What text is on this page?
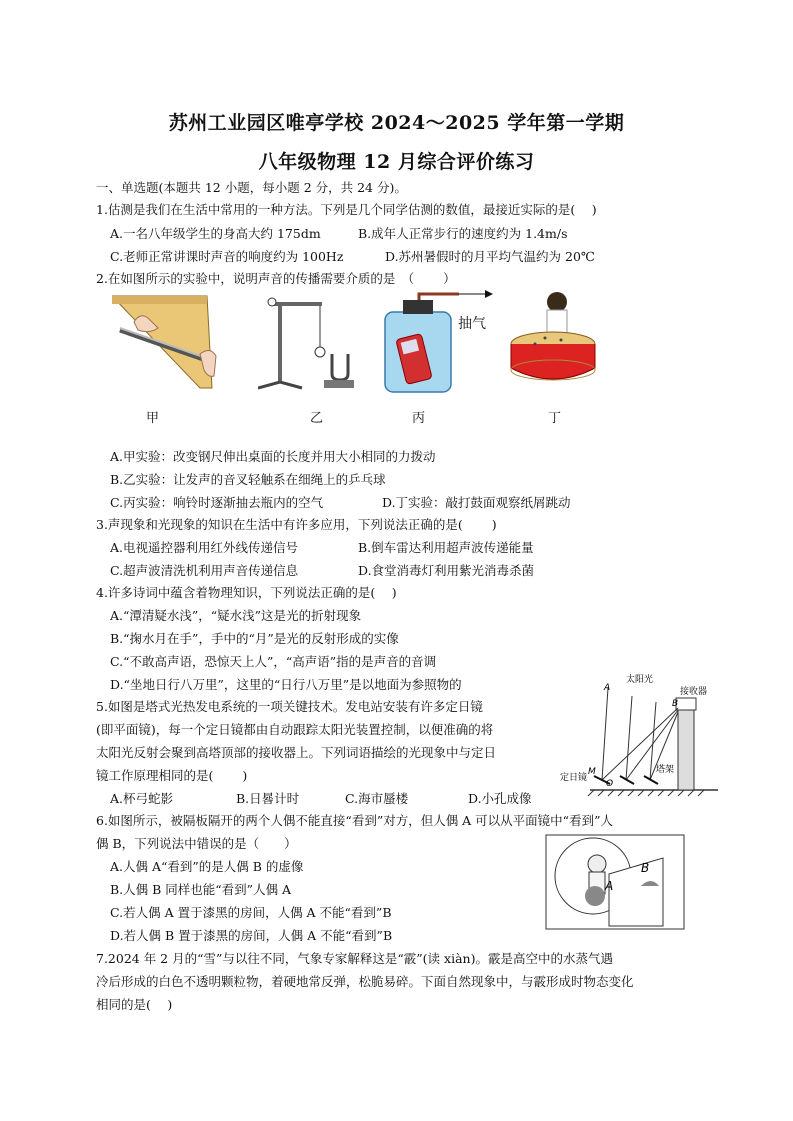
苏州工业园区唯亭学校 2024～2025 学年第一学期
八年级物理 12 月综合评价练习
一、单选题(本题共 12 小题，每小题 2 分，共 24 分)。
1.估测是我们在生活中常用的一种方法。下列是几个同学估测的数值，最接近实际的是(　 )
A.一名八年级学生的身高大约 175dm	B.成年人正常步行的速度约为 1.4m/s
C.老师正常讲课时声音的响度约为 100Hz	D.苏州暑假时的月平均气温约为 20℃
2.在如图所示的实验中，说明声音的传播需要介质的是　（　　 ）
甲	乙
抽气
丙	丁
A.甲实验：改变钢尺伸出桌面的长度并用大小相同的力拨动
B.乙实验：让发声的音叉轻触系在细绳上的乒乓球
C.丙实验：响铃时逐渐抽去瓶内的空气	D.丁实验：敲打鼓面观察纸屑跳动
3.声现象和光现象的知识在生活中有许多应用，下列说法正确的是(　　 )
A.电视遥控器利用红外线传递信号	B.倒车雷达利用超声波传递能量
C.超声波清洗机利用声音传递信息	D.食堂消毒灯利用紫光消毒杀菌
4.许多诗词中蕴含着物理知识，下列说法正确的是(　 )
A.“潭清疑水浅”，“疑水浅”这是光的折射现象
B.“掬水月在手”，手中的“月”是光的反射形成的实像
C.“不敢高声语，恐惊天上人”，“高声语”指的是声音的音调
D.“坐地日行八万里”，这里的“日行八万里”是以地面为参照物的
5.如图是塔式光热发电系统的一项关键技术。发电站安装有许多定日镜
(即平面镜)，每一个定日镜都由自动跟踪太阳光装置控制，以便准确的将
太阳光反射会聚到高塔顶部的接收器上。下列词语描绘的光现象中与定日
镜工作原理相同的是(　　 )
A.杯弓蛇影	B.日晷计时	C.海市蜃楼	D.小孔成像
A
太阳光
接收器
B
塔架
定日镜
M
O
6.如图所示，被隔板隔开的两个人偶不能直接“看到”对方，但人偶 A 可以从平面镜中“看到”人
偶 B，下列说法中错误的是（　　）
A.人偶 A“看到”的是人偶 B 的虚像
B.人偶 B 同样也能“看到”人偶 A
C.若人偶 A 置于漆黑的房间，人偶 A 不能“看到”B
D.若人偶 B 置于漆黑的房间，人偶 A 不能“看到”B
A
B
7.2024 年 2 月的“雪”与以往不同，气象专家解释这是“霰”(读 xiàn)。霰是高空中的水蒸气遇
冷后形成的白色不透明颗粒物，着硬地常反弹，松脆易碎。下面自然现象中，与霰形成时物态变化
相同的是(　 )
